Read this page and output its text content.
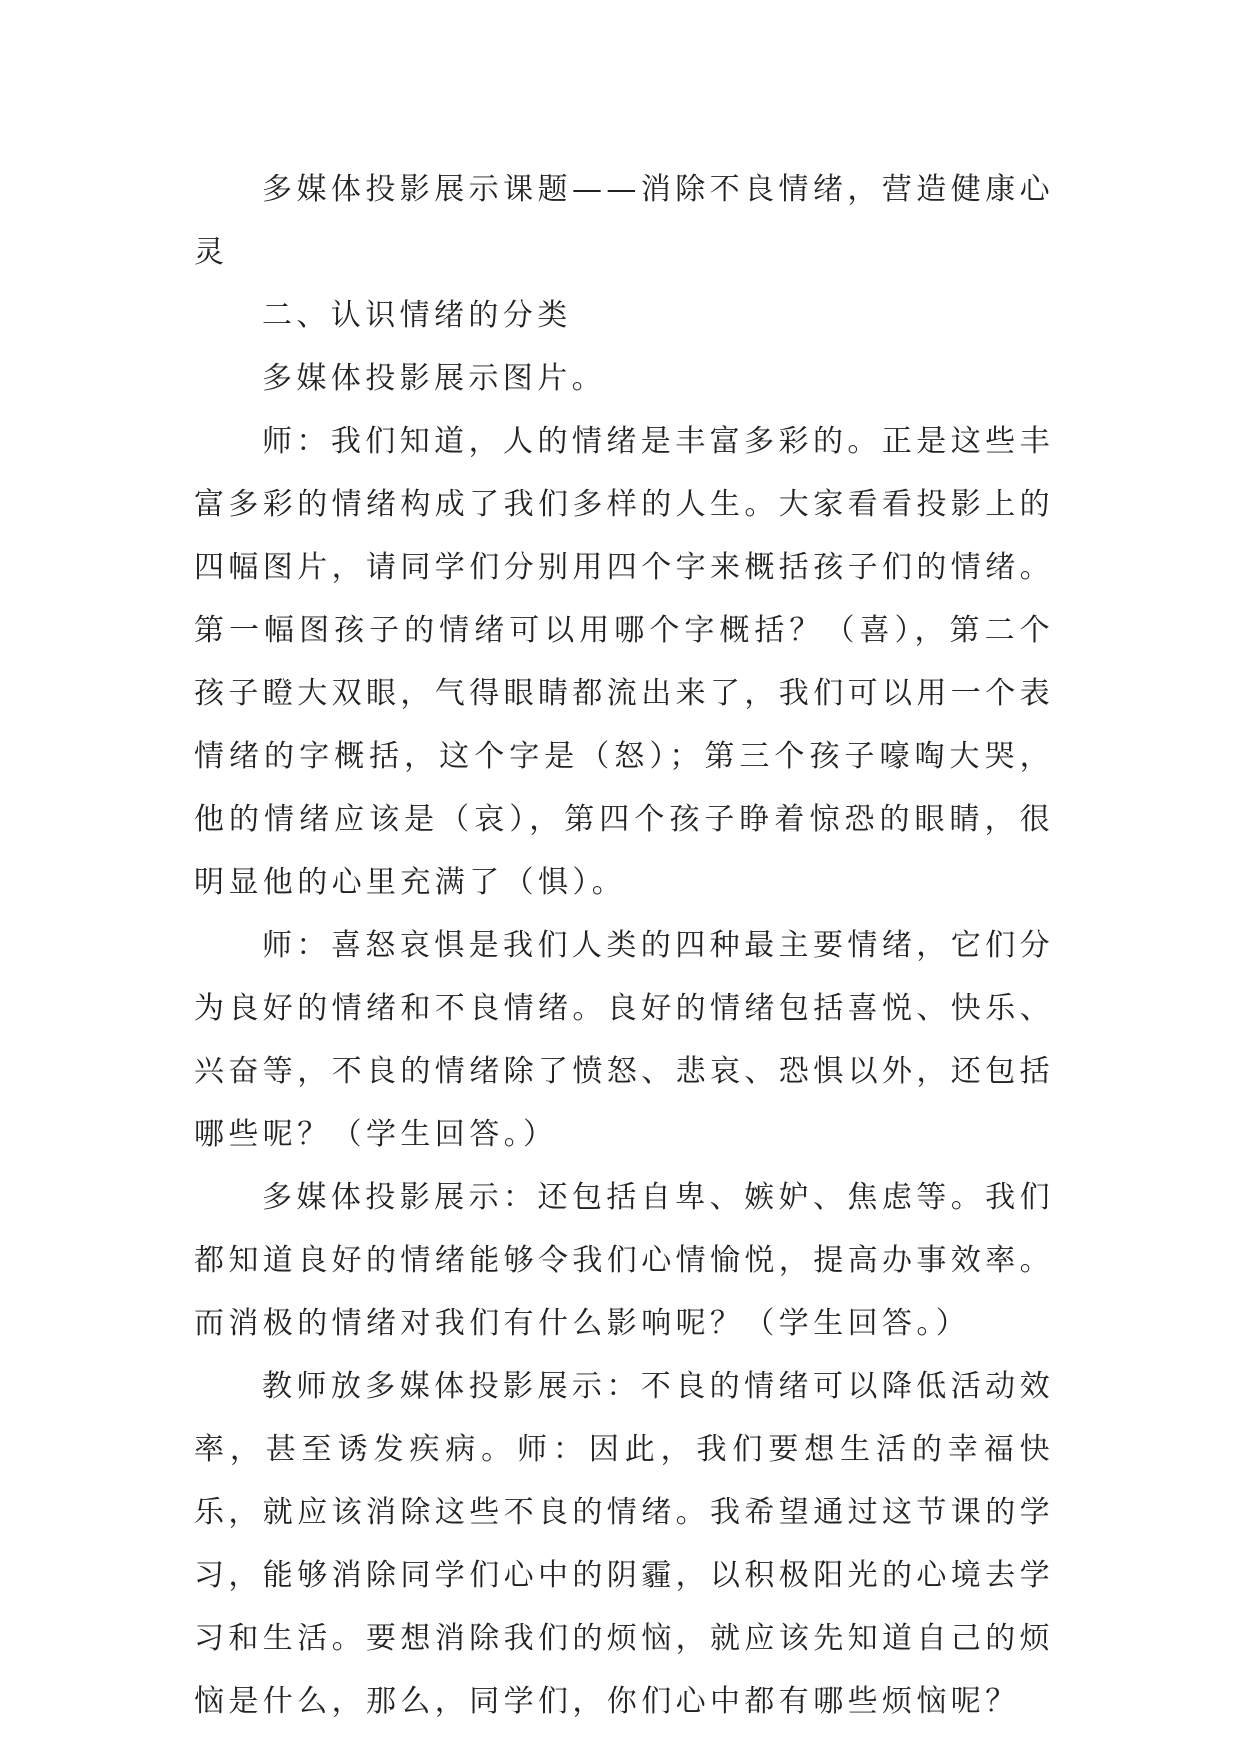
多媒体投影展示课题——消除不良情绪，营造健康心灵

二、认识情绪的分类

多媒体投影展示图片。

师：我们知道，人的情绪是丰富多彩的。正是这些丰富多彩的情绪构成了我们多样的人生。大家看看投影上的四幅图片，请同学们分别用四个字来概括孩子们的情绪。第一幅图孩子的情绪可以用哪个字概括？（喜），第二个孩子瞪大双眼，气得眼睛都流出来了，我们可以用一个表情绪的字概括，这个字是（怒）；第三个孩子嚎啕大哭，他的情绪应该是（哀），第四个孩子睁着惊恐的眼睛，很明显他的心里充满了（惧）。

师：喜怒哀惧是我们人类的四种最主要情绪，它们分为良好的情绪和不良情绪。良好的情绪包括喜悦、快乐、兴奋等，不良的情绪除了愤怒、悲哀、恐惧以外，还包括哪些呢？（学生回答。）

多媒体投影展示：还包括自卑、嫉妒、焦虑等。我们都知道良好的情绪能够令我们心情愉悦，提高办事效率。而消极的情绪对我们有什么影响呢？（学生回答。）

教师放多媒体投影展示：不良的情绪可以降低活动效率，甚至诱发疾病。师：因此，我们要想生活的幸福快乐，就应该消除这些不良的情绪。我希望通过这节课的学习，能够消除同学们心中的阴霾，以积极阳光的心境去学习和生活。要想消除我们的烦恼，就应该先知道自己的烦恼是什么，那么，同学们，你们心中都有哪些烦恼呢？
